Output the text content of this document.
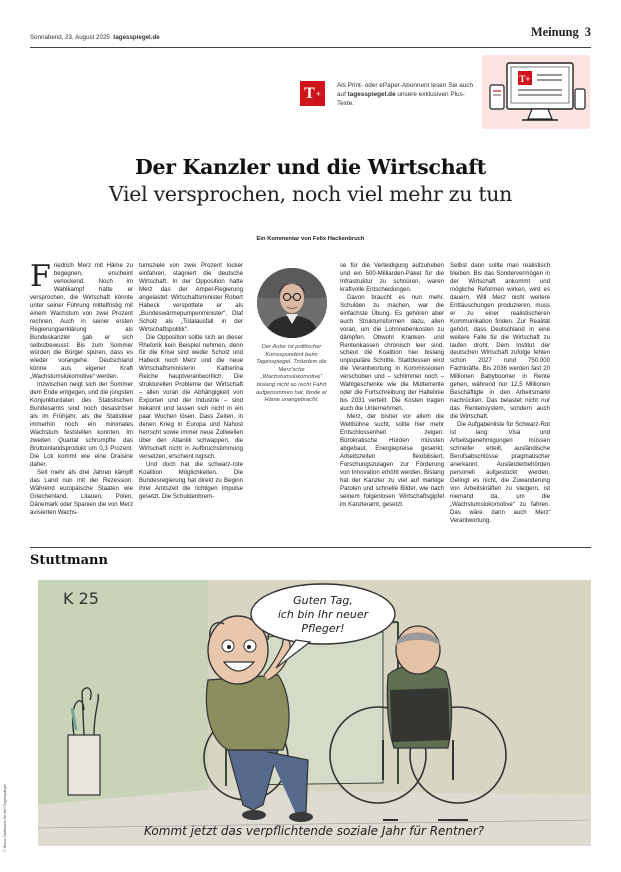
Sonnabend, 23. August 2025 tagesspiegel.de	Meinung 3
T +
Als Print- oder ePaper-Abonnent lesen Sie auch auf tagesspiegel.de unsere exklusiven Plus-Texte.
T+
Der Kanzler und die Wirtschaft
Viel versprochen, noch viel mehr zu tun
Ein Kommentar von Felix Hackenbruch

Friedrich Merz mit Häme zu begegnen, erscheint verlockend. Noch im Wahlkampf hatte er versprochen, die Wirtschaft könnte unter seiner Führung mittelfristig mit einem Wachstum von zwei Prozent rechnen. Auch in seiner ersten Regierungserklärung als Bundeskanzler gab er sich selbstbewusst: Bis zum Sommer würden die Bürger spüren, dass es wieder vorangehe. Deutschland könne aus eigener Kraft „Wachstumslokomotive“ werden.

Inzwischen neigt sich der Sommer dem Ende entgegen, und die jüngsten Konjunkturdaten des Statistischen Bundesamts sind noch desaströser als im Frühjahr, als die Statistiker immerhin noch ein minimales Wachstum feststellen konnten. Im zweiten Quartal schrumpfte das Bruttoinlandsprodukt um 0,3 Prozent. Die Lok kommt wie eine Draisine daher.

Seit mehr als drei Jahren kämpft das Land nun mit der Rezession. Während europäische Staaten wie Griechenland, Litauen, Polen, Dänemark oder Spanien die von Merz avisierten Wachs-

tumsziele von zwei Prozent locker einfahren, stagniert die deutsche Wirtschaft. In der Opposition hatte Merz das der Ampel-Regierung angelastet: Wirtschaftsminister Robert Habeck verspottete er als „Bundeswärmepumpenminister“, Olaf Scholz als „Totalausfall in der Wirtschaftspolitik“.

Die Opposition sollte sich an dieser Rhetorik kein Beispiel nehmen, denn für die Krise sind weder Scholz und Habeck noch Merz und die neue Wirtschaftsministerin Katherina Reiche hauptverantwortlich. Die strukturellen Probleme der Wirtschaft – allen voran die Abhängigkeit von Exporten und der Industrie – sind bekannt und lassen sich nicht in ein paar Wochen lösen. Dass Zeiten, in denen Krieg in Europa und Nahost herrscht sowie immer neue Zollwellen über den Atlantik schwappen, die Wirtschaft nicht in Aufbruchstimmung versetzen, erscheint logisch.

Und doch hat die schwarz-rote Koalition Möglichkeiten. Die Bundesregierung hat direkt zu Beginn ihrer Amtszeit die richtigen Impulse gesetzt. Die Schuldenbrem-

Der Autor ist politischer Korrespondent beim Tagesspiegel. Trotzdem die Merz'sche „Wachstumslokomotive“ bislang nicht so recht Fahrt aufgenommen hat, fände er Häme unangebracht.

se für die Verteidigung aufzuheben und ein 500-Milliarden-Paket für die Infrastruktur zu schnüren, waren kraftvolle Entscheidungen.

Davon braucht es nun mehr. Schulden zu machen, war die einfachste Übung. Es gehören aber auch Strukturreformen dazu, allen voran, um die Lohnnebenkosten zu dämpfen. Obwohl Kranken- und Rentenkassen chronisch leer sind, scheut die Koalition hier bislang unpopuläre Schritte. Stattdessen wird die Verantwortung in Kommissionen verschoben und – schlimmer noch – Wahlgeschenke wie die Mütterrente oder die Fortschreibung der Haltelinie bis 2031 verteilt. Die Kosten tragen auch die Unternehmen.

Merz, der bisher vor allem die Weltbühne sucht, sollte hier mehr Entschlossenheit zeigen. Bürokratische Hürden müssten abgebaut, Energiepreise gesenkt, Arbeitszeiten flexibilisiert, Forschungszulagen zur Förderung von Innovation erhöht werden. Bislang hat der Kanzler zu viel auf markige Parolen und schnelle Bilder, wie nach seinem folgenlosen Wirtschaftsgipfel im Kanzleramt, gesetzt.

Selbst dann sollte man realistisch bleiben. Bis das Sondervermögen in der Wirtschaft ankommt und mögliche Reformen wirken, wird es dauern. Will Merz nicht weitere Enttäuschungen produzieren, muss er zu einer realistischeren Kommunikation finden. Zur Realität gehört, dass Deutschland in eine weitere Falle für die Wirtschaft zu laufen droht. Dem Institut der deutschen Wirtschaft zufolge fehlen schon 2027 rund 750.000 Fachkräfte. Bis 2036 werden fast 20 Millionen Babyboomer in Rente gehen, während nur 12,5 Millionen Beschäftigte in den Arbeitsmarkt nachrücken. Das belastet nicht nur das Rentensystem, sondern auch die Wirtschaft.

Die Aufgabenliste für Schwarz-Rot ist lang: Visa und Arbeitsgenehmigungen müssen schneller erteilt, ausländische Berufsabschlüsse pragmatischer anerkannt, Ausländerbehörden personell aufgestockt werden. Gelingt es nicht, die Zuwanderung von Arbeitskräften zu steigern, ist niemand da, um die „Wachstumslokomotive“ zu fahren. Das wäre dann auch Merz' Verantwortung.

Stuttmann
© Klaus Stuttmann für den Tagesspiegel
K 25	Guten Tag,
ich bin Ihr neuer
Pfleger!
Kommt jetzt das verpflichtende soziale Jahr für Rentner?
